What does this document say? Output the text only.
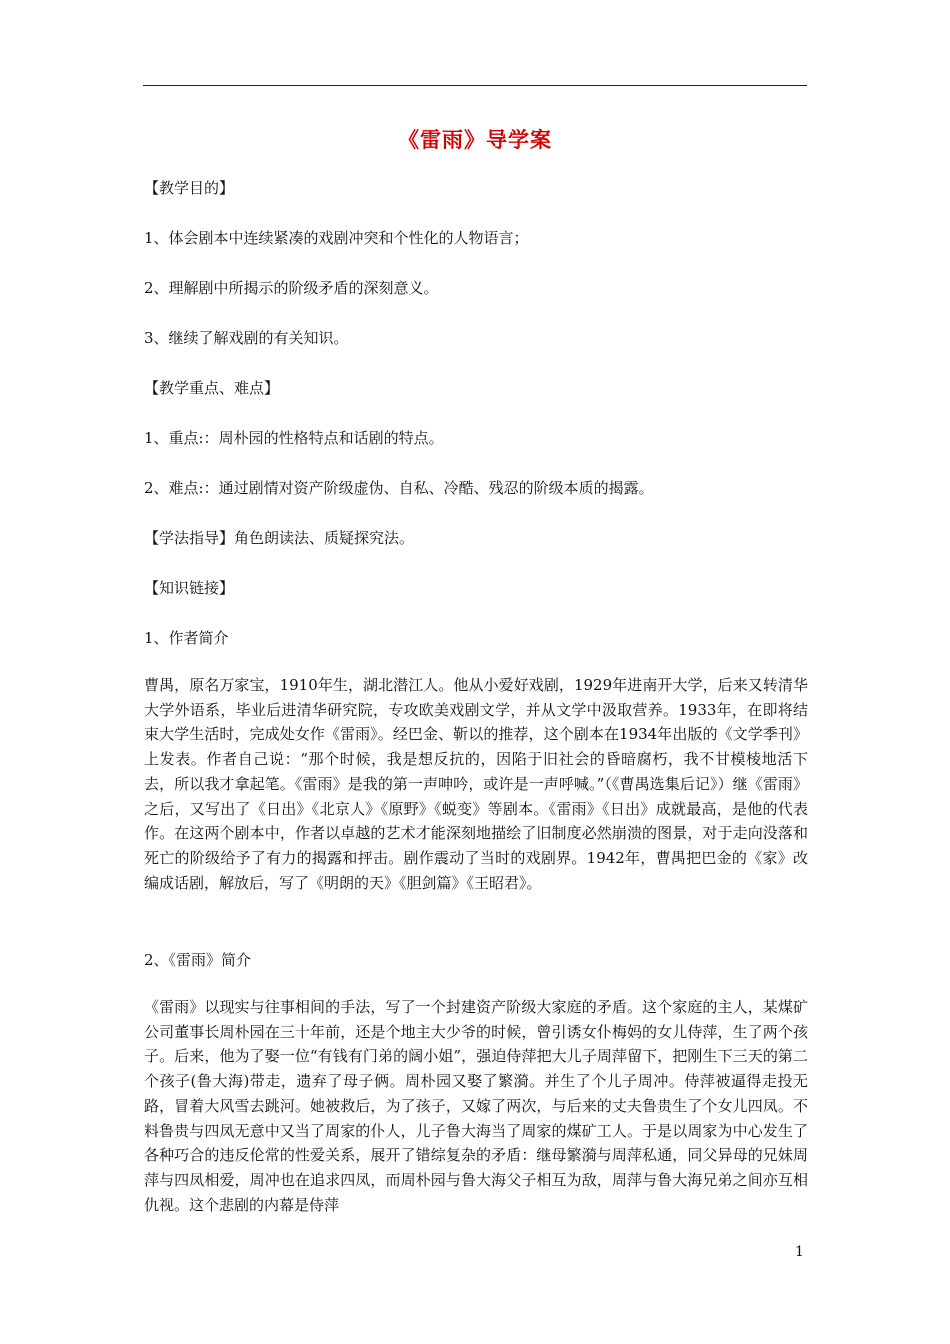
《雷雨》导学案
【教学目的】
1、体会剧本中连续紧凑的戏剧冲突和个性化的人物语言；
2、理解剧中所揭示的阶级矛盾的深刻意义。
3、继续了解戏剧的有关知识。
【教学重点、难点】
1、重点:：周朴园的性格特点和话剧的特点。
2、难点:：通过剧情对资产阶级虚伪、自私、冷酷、残忍的阶级本质的揭露。
【学法指导】角色朗读法、质疑探究法。
【知识链接】
1、作者简介
曹禺，原名万家宝，1910年生，湖北潜江人。他从小爱好戏剧，1929年进南开大学，后来又转清华大学外语系，毕业后进清华研究院，专攻欧美戏剧文学，并从文学中汲取营养。1933年，在即将结束大学生活时，完成处女作《雷雨》。经巴金、靳以的推荐，这个剧本在1934年出版的《文学季刊》上发表。作者自己说：“那个时候，我是想反抗的，因陷于旧社会的昏暗腐朽，我不甘模棱地活下去，所以我才拿起笔。《雷雨》是我的第一声呻吟，或许是一声呼喊。”（《曹禺选集后记》）继《雷雨》之后，又写出了《日出》《北京人》《原野》《蜕变》等剧本。《雷雨》《日出》成就最高，是他的代表作。在这两个剧本中，作者以卓越的艺术才能深刻地描绘了旧制度必然崩溃的图景，对于走向没落和死亡的阶级给予了有力的揭露和抨击。剧作震动了当时的戏剧界。1942年，曹禺把巴金的《家》改编成话剧，解放后，写了《明朗的天》《胆剑篇》《王昭君》。
2、《雷雨》简介
《雷雨》以现实与往事相间的手法，写了一个封建资产阶级大家庭的矛盾。这个家庭的主人，某煤矿公司董事长周朴园在三十年前，还是个地主大少爷的时候，曾引诱女仆梅妈的女儿侍萍，生了两个孩子。后来，他为了娶一位“有钱有门弟的阔小姐”，强迫侍萍把大儿子周萍留下，把刚生下三天的第二个孩子(鲁大海)带走，遗弃了母子俩。周朴园又娶了繁漪。并生了个儿子周冲。侍萍被逼得走投无路，冒着大风雪去跳河。她被救后，为了孩子，又嫁了两次，与后来的丈夫鲁贵生了个女儿四凤。不料鲁贵与四凤无意中又当了周家的仆人，儿子鲁大海当了周家的煤矿工人。于是以周家为中心发生了各种巧合的违反伦常的性爱关系，展开了错综复杂的矛盾：继母繁漪与周萍私通，同父异母的兄妹周萍与四凤相爱，周冲也在追求四凤，而周朴园与鲁大海父子相互为敌，周萍与鲁大海兄弟之间亦互相仇视。这个悲剧的内幕是侍萍
1
